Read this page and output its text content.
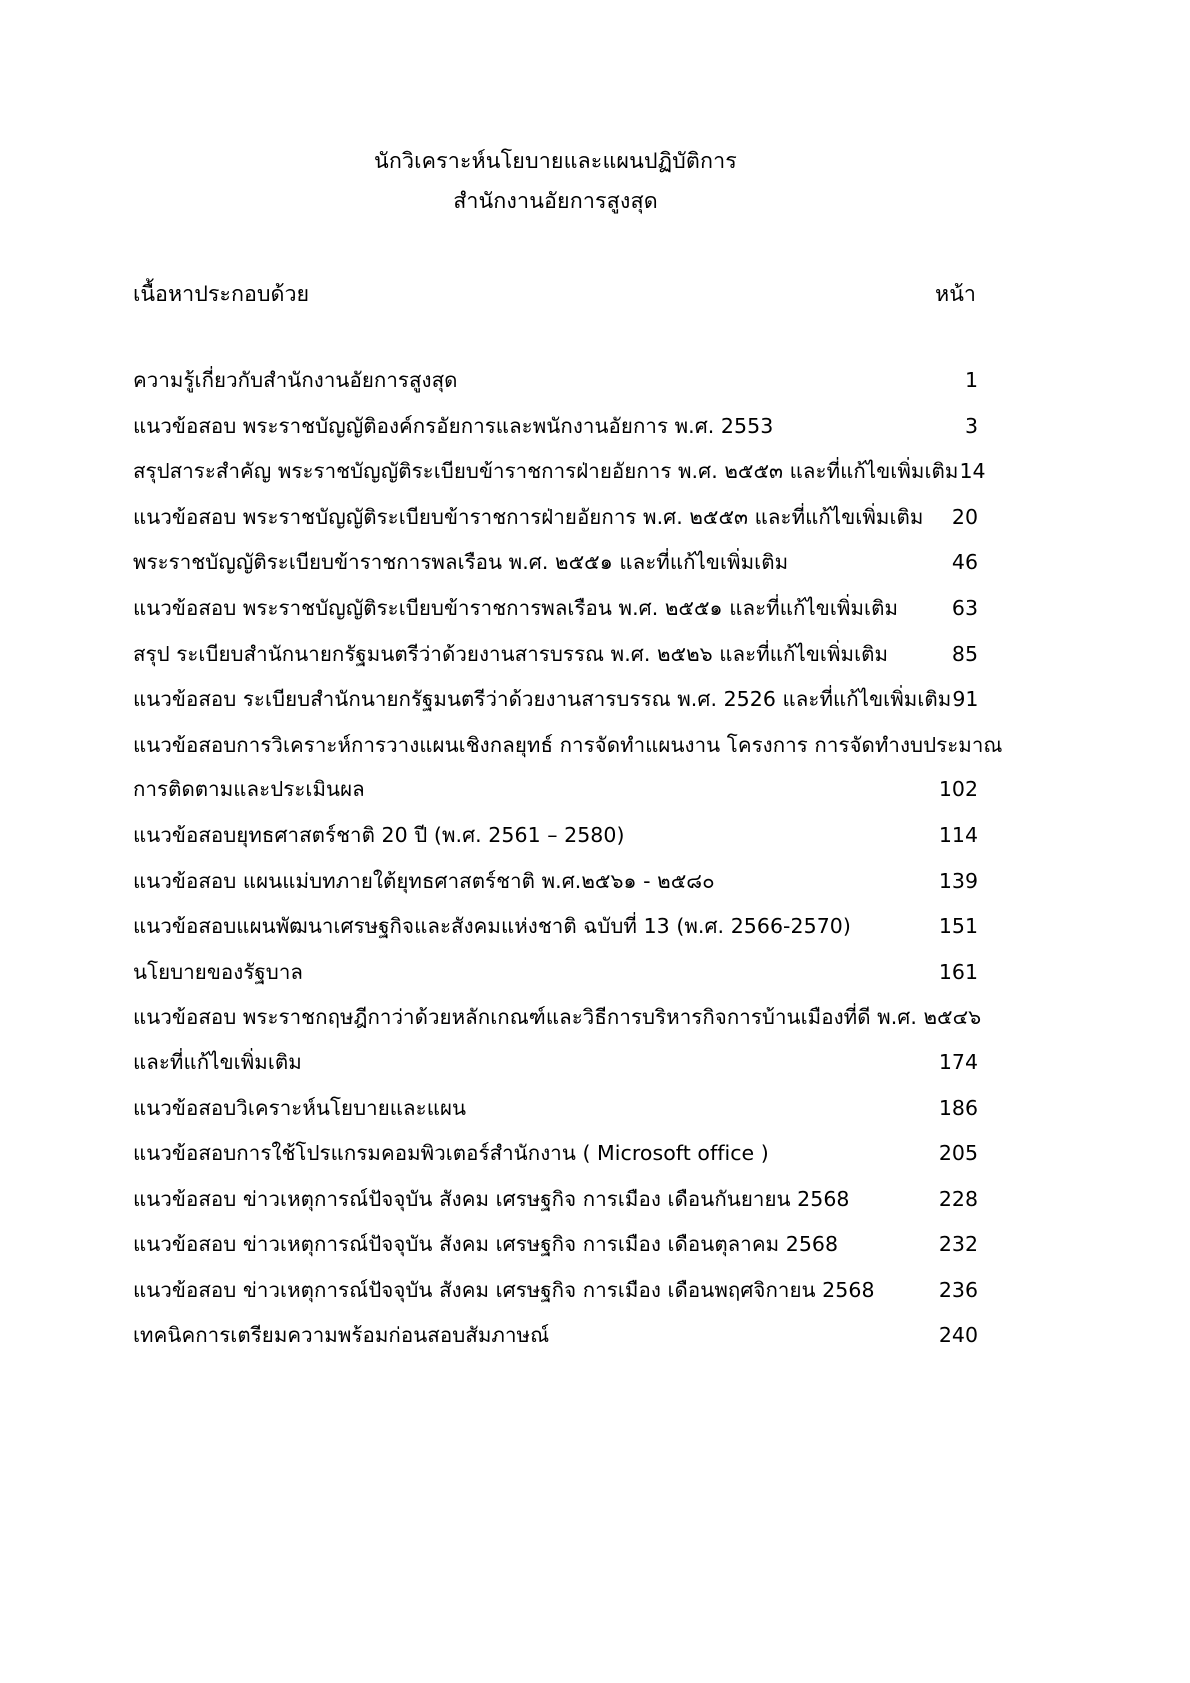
นักวิเคราะห์นโยบายและแผนปฏิบัติการ
สำนักงานอัยการสูงสุด
เนื้อหาประกอบด้วย	หน้า
ความรู้เกี่ยวกับสำนักงานอัยการสูงสุด .....	1
แนวข้อสอบ พระราชบัญญัติองค์กรอัยการและพนักงานอัยการ พ.ศ. 2553 .....	3
สรุปสาระสำคัญ พระราชบัญญัติระเบียบข้าราชการฝ่ายอัยการ พ.ศ. ๒๕๕๓ และที่แก้ไขเพิ่มเติม 14
แนวข้อสอบ พระราชบัญญัติระเบียบข้าราชการฝ่ายอัยการ พ.ศ. ๒๕๕๓ และที่แก้ไขเพิ่มเติม ..... 20
พระราชบัญญัติระเบียบข้าราชการพลเรือน พ.ศ. ๒๕๕๑ และที่แก้ไขเพิ่มเติม .....	46
แนวข้อสอบ พระราชบัญญัติระเบียบข้าราชการพลเรือน พ.ศ. ๒๕๕๑ และที่แก้ไขเพิ่มเติม .....	63
สรุป ระเบียบสำนักนายกรัฐมนตรีว่าด้วยงานสารบรรณ พ.ศ. ๒๕๒๖ และที่แก้ไขเพิ่มเติม .....	85
แนวข้อสอบ ระเบียบสำนักนายกรัฐมนตรีว่าด้วยงานสารบรรณ พ.ศ. 2526 และที่แก้ไขเพิ่มเติม 91
แนวข้อสอบการวิเคราะห์การวางแผนเชิงกลยุทธ์ การจัดทำแผนงาน โครงการ การจัดทำงบประมาณ
การติดตามและประเมินผล .....	102
แนวข้อสอบยุทธศาสตร์ชาติ 20 ปี (พ.ศ. 2561 – 2580) .....	114
แนวข้อสอบ แผนแม่บทภายใต้ยุทธศาสตร์ชาติ พ.ศ.๒๕๖๑ - ๒๕๘๐ .....	139
แนวข้อสอบแผนพัฒนาเศรษฐกิจและสังคมแห่งชาติ ฉบับที่ 13 (พ.ศ. 2566-2570) .....	151
นโยบายของรัฐบาล .....	161
แนวข้อสอบ พระราชกฤษฎีกาว่าด้วยหลักเกณฑ์และวิธีการบริหารกิจการบ้านเมืองที่ดี พ.ศ. ๒๕๔๖
และที่แก้ไขเพิ่มเติม .....	174
แนวข้อสอบวิเคราะห์นโยบายและแผน .....	186
แนวข้อสอบการใช้โปรแกรมคอมพิวเตอร์สำนักงาน ( Microsoft office ) .....	205
แนวข้อสอบ ข่าวเหตุการณ์ปัจจุบัน สังคม เศรษฐกิจ การเมือง เดือนกันยายน 2568 .....	228
แนวข้อสอบ ข่าวเหตุการณ์ปัจจุบัน สังคม เศรษฐกิจ การเมือง เดือนตุลาคม 2568 .....	232
แนวข้อสอบ ข่าวเหตุการณ์ปัจจุบัน สังคม เศรษฐกิจ การเมือง เดือนพฤศจิกายน 2568 .....	236
เทคนิคการเตรียมความพร้อมก่อนสอบสัมภาษณ์ .....	240
